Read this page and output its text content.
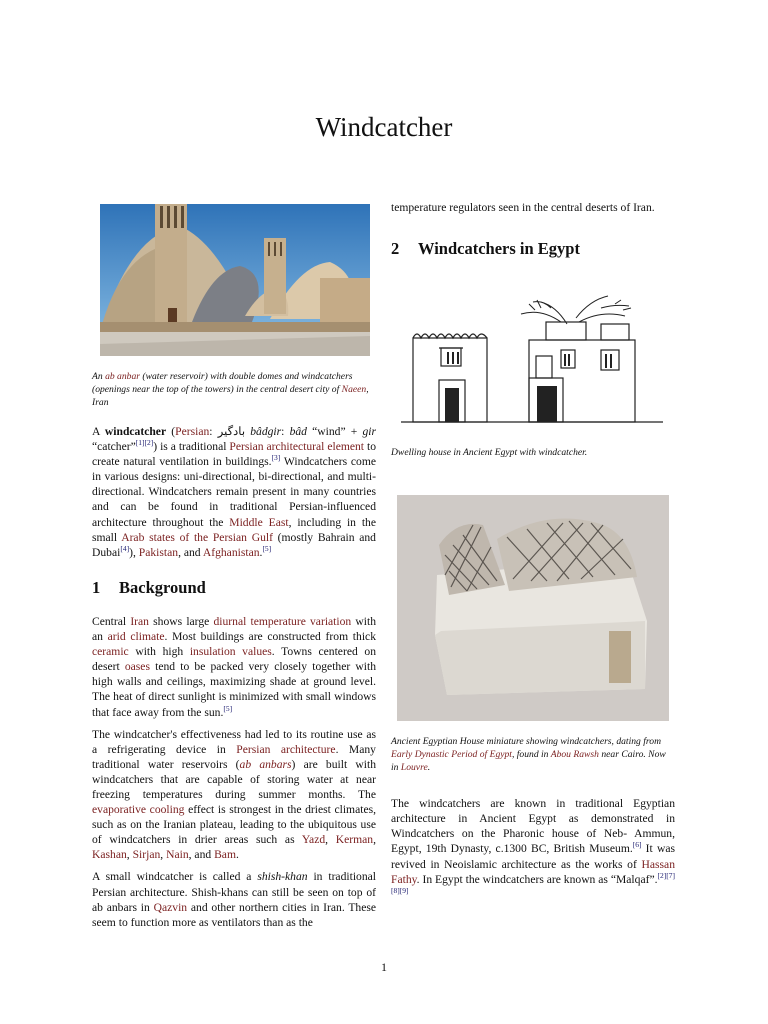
Windcatcher

An ab anbar (water reservoir) with double domes and windcatchers (openings near the top of the towers) in the central desert city of Naeen, Iran

A windcatcher (Persian: بادگیر bâdgir: bâd “wind” + gir “catcher”[1][2]) is a traditional Persian architectural element to create natural ventilation in buildings.[3] Windcatchers come in various designs: uni-directional, bi-directional, and multi-directional. Windcatchers remain present in many countries and can be found in traditional Persian-influenced architecture throughout the Middle East, including in the small Arab states of the Persian Gulf (mostly Bahrain and Dubai[4]), Pakistan, and Afghanistan.[5]

1 Background

Central Iran shows large diurnal temperature variation with an arid climate. Most buildings are constructed from thick ceramic with high insulation values. Towns centered on desert oases tend to be packed very closely together with high walls and ceilings, maximizing shade at ground level. The heat of direct sunlight is minimized with small windows that face away from the sun.[5]

The windcatcher's effectiveness had led to its routine use as a refrigerating device in Persian architecture. Many traditional water reservoirs (ab anbars) are built with windcatchers that are capable of storing water at near freezing temperatures during summer months. The evaporative cooling effect is strongest in the driest climates, such as on the Iranian plateau, leading to the ubiquitous use of windcatchers in drier areas such as Yazd, Kerman, Kashan, Sirjan, Nain, and Bam.

A small windcatcher is called a shish-khan in traditional Persian architecture. Shish-khans can still be seen on top of ab anbars in Qazvin and other northern cities in Iran. These seem to function more as ventilators than as the

temperature regulators seen in the central deserts of Iran.

2 Windcatchers in Egypt

Dwelling house in Ancient Egypt with windcatcher.

Ancient Egyptian House miniature showing windcatchers, dating from Early Dynastic Period of Egypt, found in Abou Rawsh near Cairo. Now in Louvre.

The windcatchers are known in traditional Egyptian architecture in Ancient Egypt as demonstrated in Windcatchers on the Pharonic house of Neb- Ammun, Egypt, 19th Dynasty, c.1300 BC, British Museum.[6] It was revived in Neoislamic architecture as the works of Hassan Fathy. In Egypt the windcatchers are known as “Malqaf”.[2][7][8][9]

1
